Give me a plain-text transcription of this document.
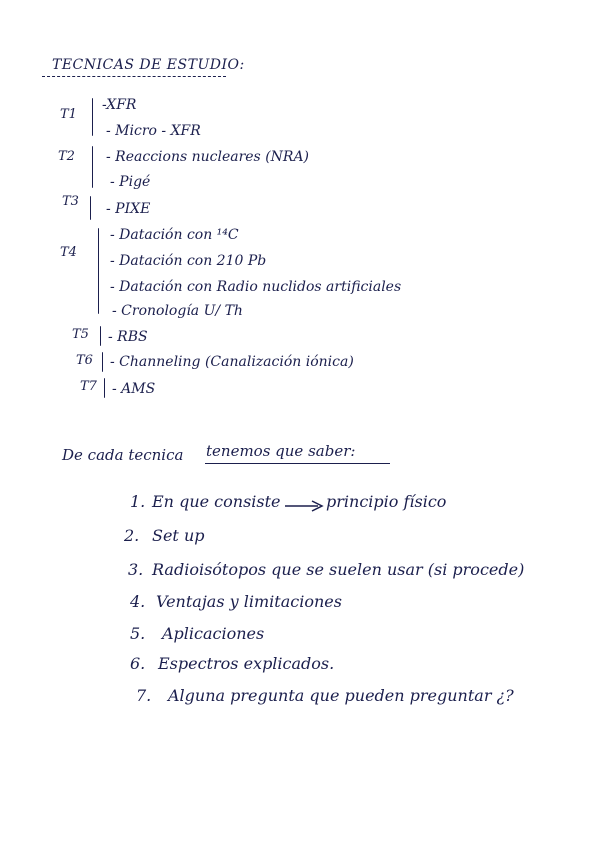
TECNICAS DE ESTUDIO:
T1
-XFR
- Micro - XFR
T2 - Reaccions nucleares (NRA)
- Pigé
T3 - PIXE
T4
- Datación con ¹⁴C
- Datación con 210 Pb
- Datación con Radio nuclidos artificiales
- Cronología U/ Th
T5 - RBS
T6 - Channeling (Canalización iónica)
T7 - AMS
De cada tecnica tenemos que saber:
1. En que consiste	principio físico
2. Set up
3. Radioisótopos que se suelen usar (si procede)
4. Ventajas y limitaciones
5. Aplicaciones
6. Espectros explicados.
7. Alguna pregunta que pueden preguntar ¿?
